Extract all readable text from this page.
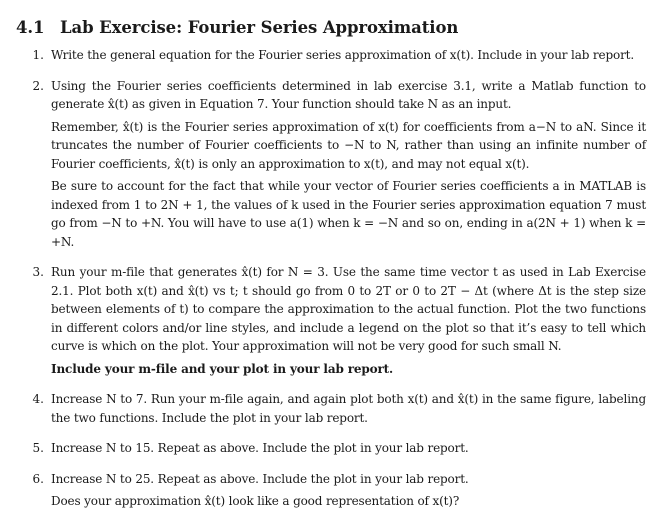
4.1 Lab Exercise: Fourier Series Approximation
1. Write the general equation for the Fourier series approximation of x(t). Include in your lab report.

2. Using the Fourier series coefficients determined in lab exercise 3.1, write a Matlab function to generate x̂(t) as given in Equation 7. Your function should take N as an input.

Remember, x̂(t) is the Fourier series approximation of x(t) for coefficients from a−N to aN. Since it truncates the number of Fourier coefficients to −N to N, rather than using an infinite number of Fourier coefficients, x̂(t) is only an approximation to x(t), and may not equal x(t).

Be sure to account for the fact that while your vector of Fourier series coefficients a in MATLAB is indexed from 1 to 2N + 1, the values of k used in the Fourier series approximation equation 7 must go from −N to +N. You will have to use a(1) when k = −N and so on, ending in a(2N + 1) when k = +N.

3. Run your m-file that generates x̂(t) for N = 3. Use the same time vector t as used in Lab Exercise 2.1. Plot both x(t) and x̂(t) vs t; t should go from 0 to 2T or 0 to 2T − Δt (where Δt is the step size between elements of t) to compare the approximation to the actual function. Plot the two functions in different colors and/or line styles, and include a legend on the plot so that it’s easy to tell which curve is which on the plot. Your approximation will not be very good for such small N.

Include your m-file and your plot in your lab report.

4. Increase N to 7. Run your m-file again, and again plot both x(t) and x̂(t) in the same figure, labeling the two functions. Include the plot in your lab report.

5. Increase N to 15. Repeat as above. Include the plot in your lab report.

6. Increase N to 25. Repeat as above. Include the plot in your lab report.

Does your approximation x̂(t) look like a good representation of x(t)?
